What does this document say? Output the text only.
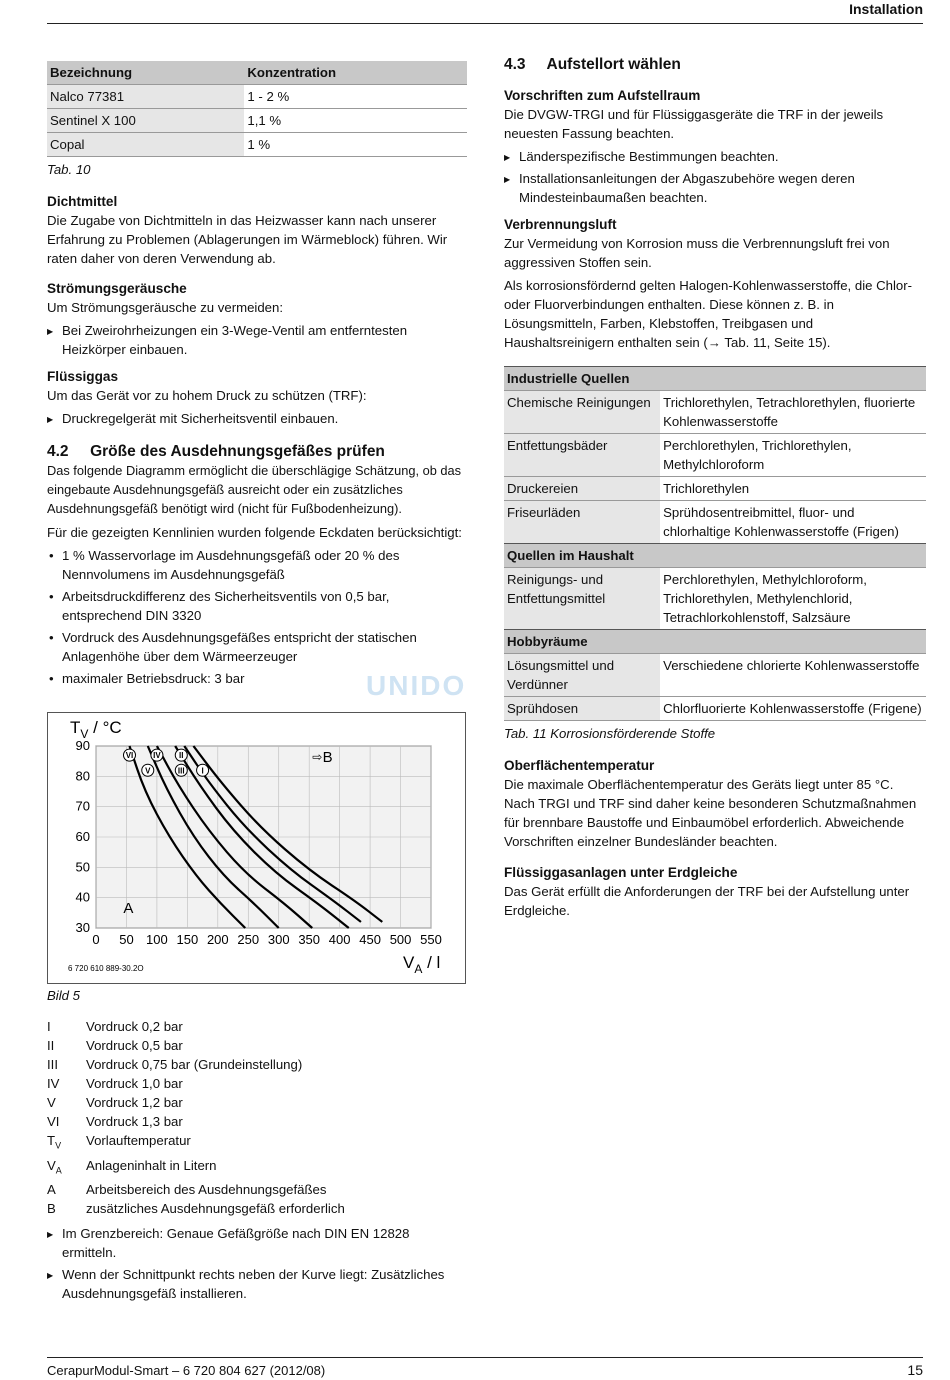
Installation
CerapurModul-Smart – 6 720 804 627 (2012/08)	15
UNIDO
Bezeichnung	Konzentration
Nalco 77381	1 - 2 %
Sentinel X 100	1,1 %
Copal	1 %

Tab. 10

Dichtmittel

Die Zugabe von Dichtmitteln in das Heizwasser kann nach unserer Erfahrung zu Problemen (Ablagerungen im Wärmeblock) führen. Wir raten daher von deren Verwendung ab.

Strömungsgeräusche

Um Strömungsgeräusche zu vermeiden:

▶ Bei Zweirohrheizungen ein 3-Wege-Ventil am entferntesten Heizkörper einbauen.
Flüssiggas

Um das Gerät vor zu hohem Druck zu schützen (TRF):

▶ Druckregelgerät mit Sicherheitsventil einbauen.
4.2     Größe des Ausdehnungsgefäßes prüfen

Das folgende Diagramm ermöglicht die überschlägige Schätzung, ob das eingebaute Ausdehnungsgefäß ausreicht oder ein zusätzliches Ausdehnungsgefäß benötigt wird (nicht für Fußbodenheizung).

Für die gezeigten Kennlinien wurden folgende Eckdaten berücksichtigt:

• 1 % Wasservorlage im Ausdehnungsgefäß oder 20 % des Nennvolumens im Ausdehnungsgefäß
• Arbeitsdruckdifferenz des Sicherheitsventils von 0,5 bar, entsprechend DIN 3320
• Vordruck des Ausdehnungsgefäßes entspricht der statischen Anlagenhöhe über dem Wärmeerzeuger
• maximaler Betriebsdruck: 3 bar
VI IV II
V	III I
0 50 100 150 200 250 300 350 400 450 500 550
30
40
50
60
70
80
90
$T_V / ^\circ C$
$V_A$ / l
6 720 610 889-30.2O
A
⇨ B

Bild 5

I	Vordruck 0,2 bar
II	Vordruck 0,5 bar
III	Vordruck 0,75 bar (Grundeinstellung)
IV	Vordruck 1,0 bar
V	Vordruck 1,2 bar
VI	Vordruck 1,3 bar
$T_V$	Vorlauftemperatur
$V_A$	Anlageninhalt in Litern
A	Arbeitsbereich des Ausdehnungsgefäßes
B	zusätzliches Ausdehnungsgefäß erforderlich
▶ Im Grenzbereich: Genaue Gefäßgröße nach DIN EN 12828 ermitteln.
▶ Wenn der Schnittpunkt rechts neben der Kurve liegt: Zusätzliches Ausdehnungsgefäß installieren.
4.3     Aufstellort wählen
Vorschriften zum Aufstellraum

Die DVGW-TRGI und für Flüssiggasgeräte die TRF in der jeweils neuesten Fassung beachten.

▶ Länderspezifische Bestimmungen beachten.
▶ Installationsanleitungen der Abgaszubehöre wegen deren Mindesteinbaumaßen beachten.
Verbrennungsluft

Zur Vermeidung von Korrosion muss die Verbrennungsluft frei von aggressiven Stoffen sein.

Als korrosionsfördernd gelten Halogen-Kohlenwasserstoffe, die Chlor- oder Fluorverbindungen enthalten. Diese können z. B. in Lösungsmitteln, Farben, Klebstoffen, Treibgasen und Haushaltsreinigern enthalten sein (→ Tab. 11, Seite 15).

Industrielle Quellen	
Chemische Reinigungen	Trichlorethylen, Tetrachlorethylen, fluorierte Kohlenwasserstoffe
Entfettungsbäder	Perchlorethylen, Trichlorethylen, Methylchloroform
Druckereien	Trichlorethylen
Friseurläden	Sprühdosentreibmittel, fluor- und chlorhaltige Kohlenwasserstoffe (Frigen)
Quellen im Haushalt	
Reinigungs- und Entfettungsmittel	Perchlorethylen, Methylchloroform, Trichlorethylen, Methylenchlorid, Tetrachlorkohlenstoff, Salzsäure
Hobbyräume	
Lösungsmittel und Verdünner	Verschiedene chlorierte Kohlenwasserstoffe
Sprühdosen	Chlorfluorierte Kohlenwasserstoffe (Frigene)

Tab. 11 Korrosionsförderende Stoffe

Oberflächentemperatur

Die maximale Oberflächentemperatur des Geräts liegt unter 85 °C. Nach TRGI und TRF sind daher keine besonderen Schutzmaßnahmen für brennbare Baustoffe und Einbaumöbel erforderlich. Abweichende Vorschriften einzelner Bundesländer beachten.

Flüssiggasanlagen unter Erdgleiche

Das Gerät erfüllt die Anforderungen der TRF bei der Aufstellung unter Erdgleiche.
